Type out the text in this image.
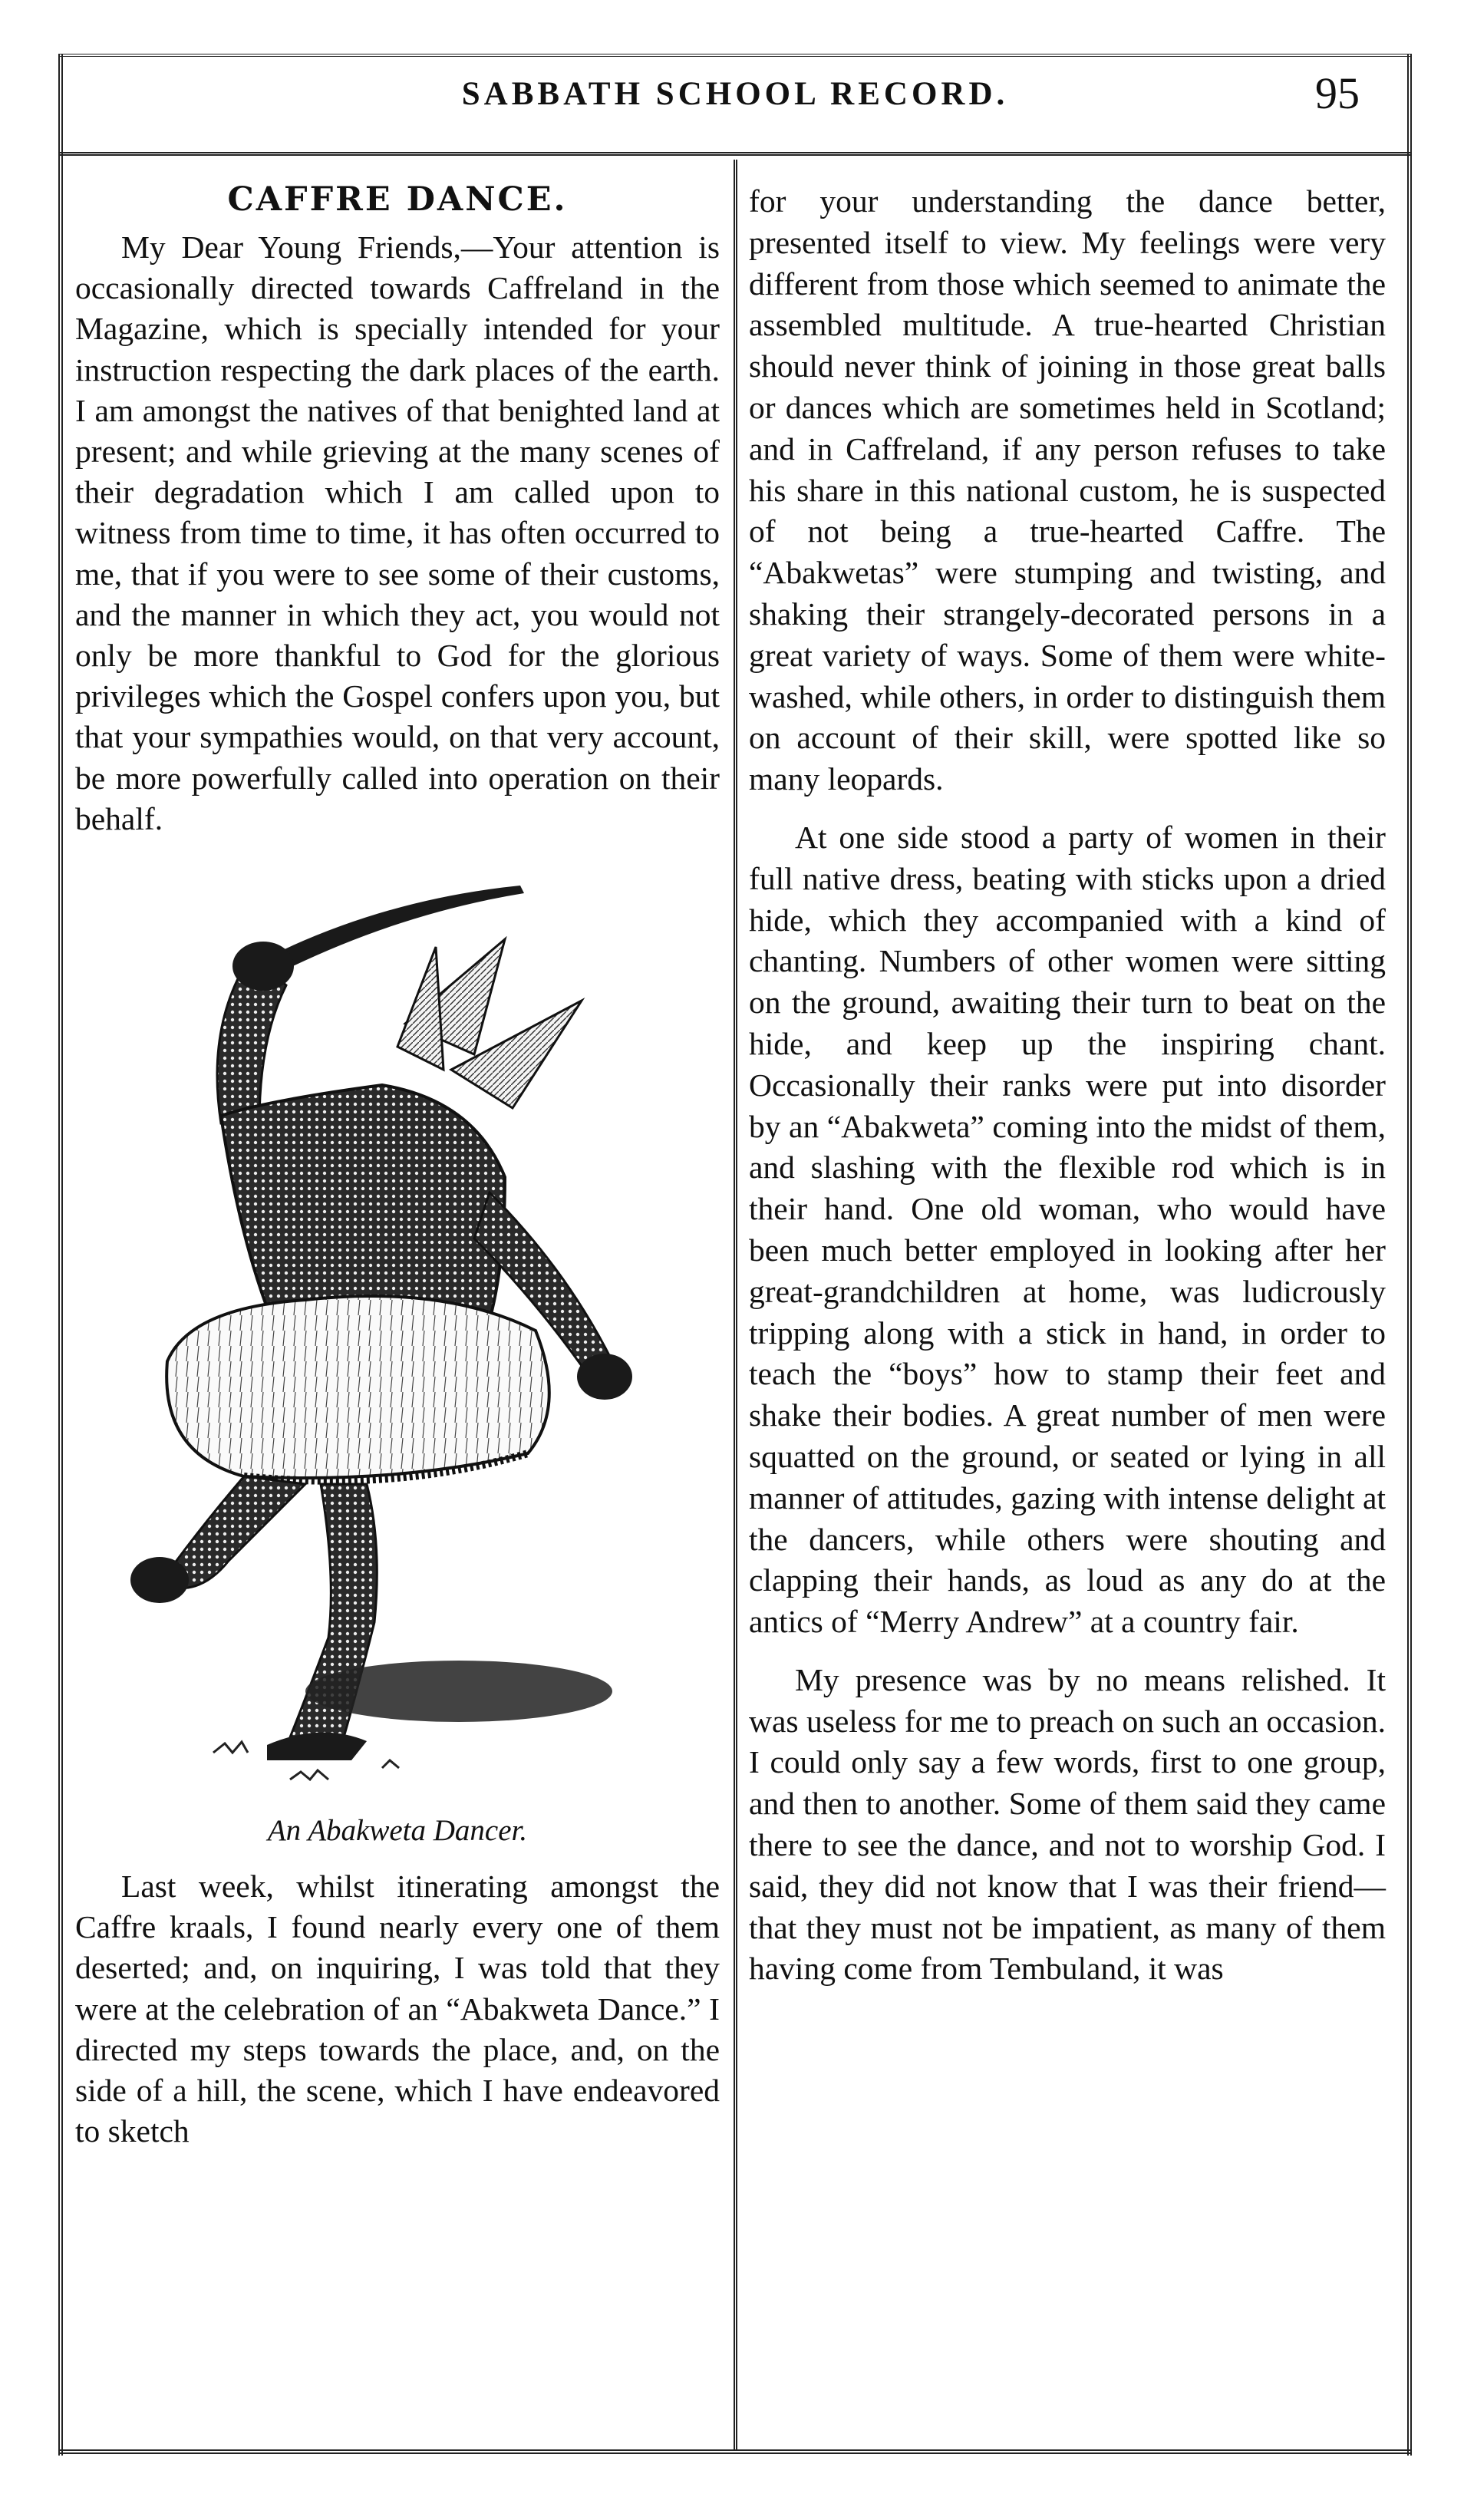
SABBATH SCHOOL RECORD.	95
CAFFRE DANCE.

My Dear Young Friends,—Your attention is occasionally directed towards Caffreland in the Magazine, which is specially intended for your instruction respecting the dark places of the earth. I am amongst the natives of that benighted land at present; and while grieving at the many scenes of their degradation which I am called upon to witness from time to time, it has often occurred to me, that if you were to see some of their customs, and the manner in which they act, you would not only be more thankful to God for the glorious privileges which the Gospel confers upon you, but that your sympathies would, on that very account, be more powerfully called into operation on their behalf.

An Abakweta Dancer.

Last week, whilst itinerating amongst the Caffre kraals, I found nearly every one of them deserted; and, on inquiring, I was told that they were at the celebration of an “Abakweta Dance.” I directed my steps towards the place, and, on the side of a hill, the scene, which I have endeavored to sketch

for your understanding the dance better, presented itself to view. My feelings were very different from those which seemed to animate the assembled multitude. A true-hearted Christian should never think of joining in those great balls or dances which are sometimes held in Scotland; and in Caffreland, if any person refuses to take his share in this national custom, he is suspected of not being a true-hearted Caffre. The “Abakwetas” were stumping and twisting, and shaking their strangely-decorated persons in a great variety of ways. Some of them were white-washed, while others, in order to distinguish them on account of their skill, were spotted like so many leopards.

At one side stood a party of women in their full native dress, beating with sticks upon a dried hide, which they accompanied with a kind of chanting. Numbers of other women were sitting on the ground, awaiting their turn to beat on the hide, and keep up the inspiring chant. Occasionally their ranks were put into disorder by an “Abakweta” coming into the midst of them, and slashing with the flexible rod which is in their hand. One old woman, who would have been much better employed in looking after her great-grandchildren at home, was ludicrously tripping along with a stick in hand, in order to teach the “boys” how to stamp their feet and shake their bodies. A great number of men were squatted on the ground, or seated or lying in all manner of attitudes, gazing with intense delight at the dancers, while others were shouting and clapping their hands, as loud as any do at the antics of “Merry Andrew” at a country fair.

My presence was by no means relished. It was useless for me to preach on such an occasion. I could only say a few words, first to one group, and then to another. Some of them said they came there to see the dance, and not to worship God. I said, they did not know that I was their friend—that they must not be impatient, as many of them having come from Tembuland, it was
